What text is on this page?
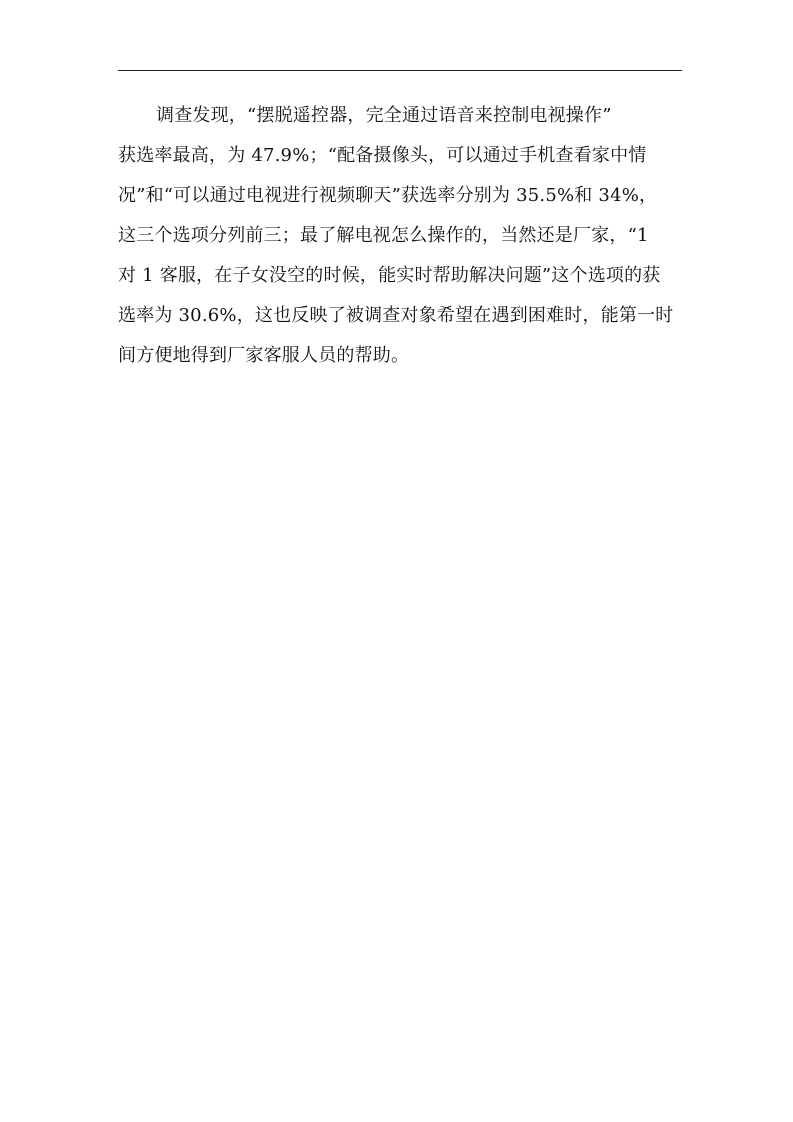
调查发现，“摆脱遥控器，完全通过语音来控制电视操作”
获选率最高，为 47.9%；“配备摄像头，可以通过手机查看家中情
况”和“可以通过电视进行视频聊天”获选率分别为 35.5%和 34%，
这三个选项分列前三；最了解电视怎么操作的，当然还是厂家，“1
对 1 客服，在子女没空的时候，能实时帮助解决问题”这个选项的获
选率为 30.6%，这也反映了被调查对象希望在遇到困难时，能第一时
间方便地得到厂家客服人员的帮助。
